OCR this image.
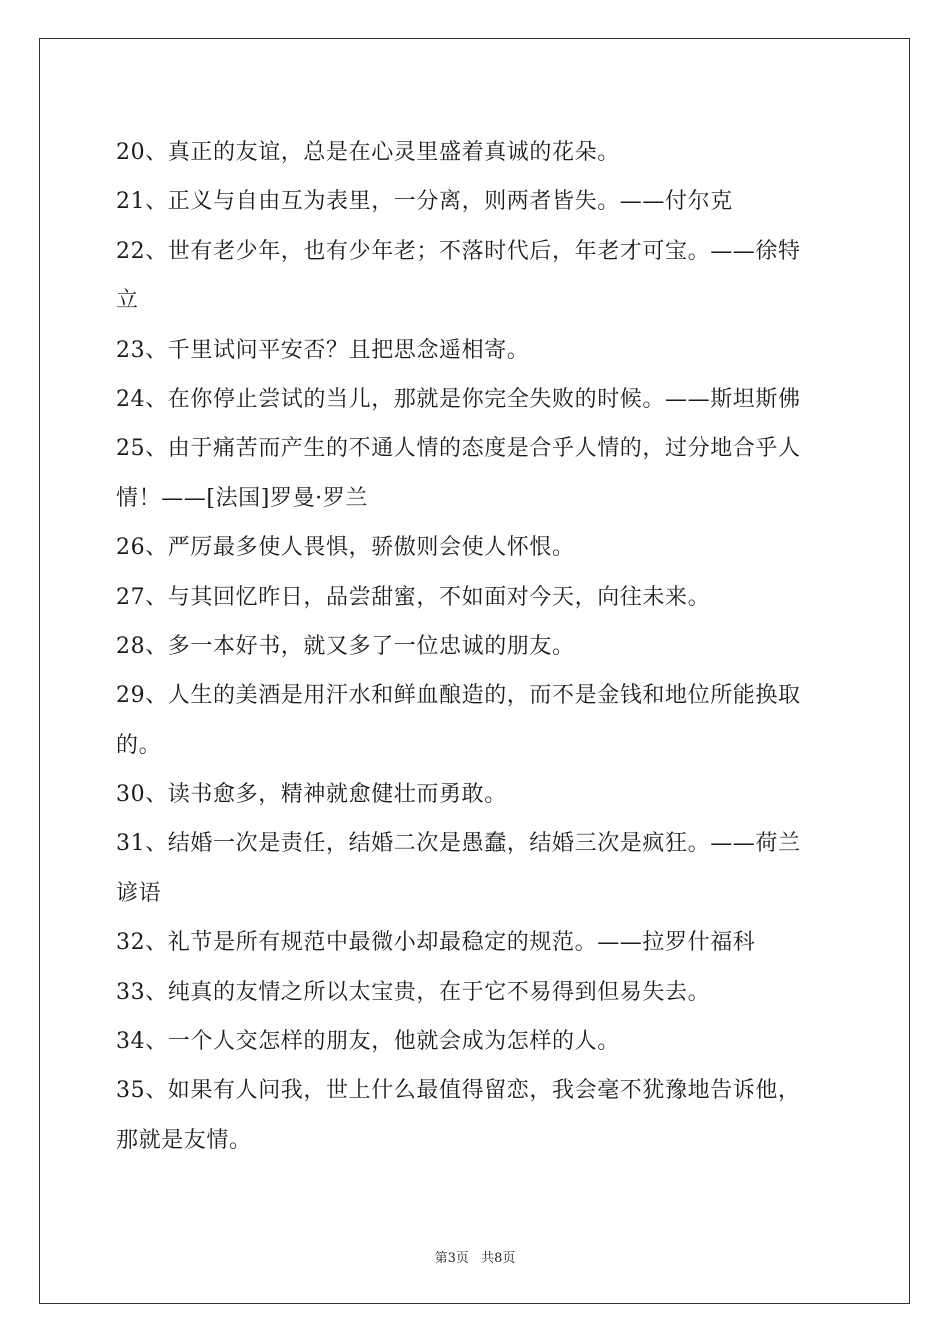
20、真正的友谊，总是在心灵里盛着真诚的花朵。
21、正义与自由互为表里，一分离，则两者皆失。——付尔克
22、世有老少年，也有少年老；不落时代后，年老才可宝。——徐特
立
23、千里试问平安否？且把思念遥相寄。
24、在你停止尝试的当儿，那就是你完全失败的时候。——斯坦斯佛
25、由于痛苦而产生的不通人情的态度是合乎人情的，过分地合乎人
情！——[法国]罗曼·罗兰
26、严厉最多使人畏惧，骄傲则会使人怀恨。
27、与其回忆昨日，品尝甜蜜，不如面对今天，向往未来。
28、多一本好书，就又多了一位忠诚的朋友。
29、人生的美酒是用汗水和鲜血酿造的，而不是金钱和地位所能换取
的。
30、读书愈多，精神就愈健壮而勇敢。
31、结婚一次是责任，结婚二次是愚蠢，结婚三次是疯狂。——荷兰
谚语
32、礼节是所有规范中最微小却最稳定的规范。——拉罗什福科
33、纯真的友情之所以太宝贵，在于它不易得到但易失去。
34、一个人交怎样的朋友，他就会成为怎样的人。
35、如果有人问我，世上什么最值得留恋，我会毫不犹豫地告诉他，
那就是友情。
第3页 共8页
